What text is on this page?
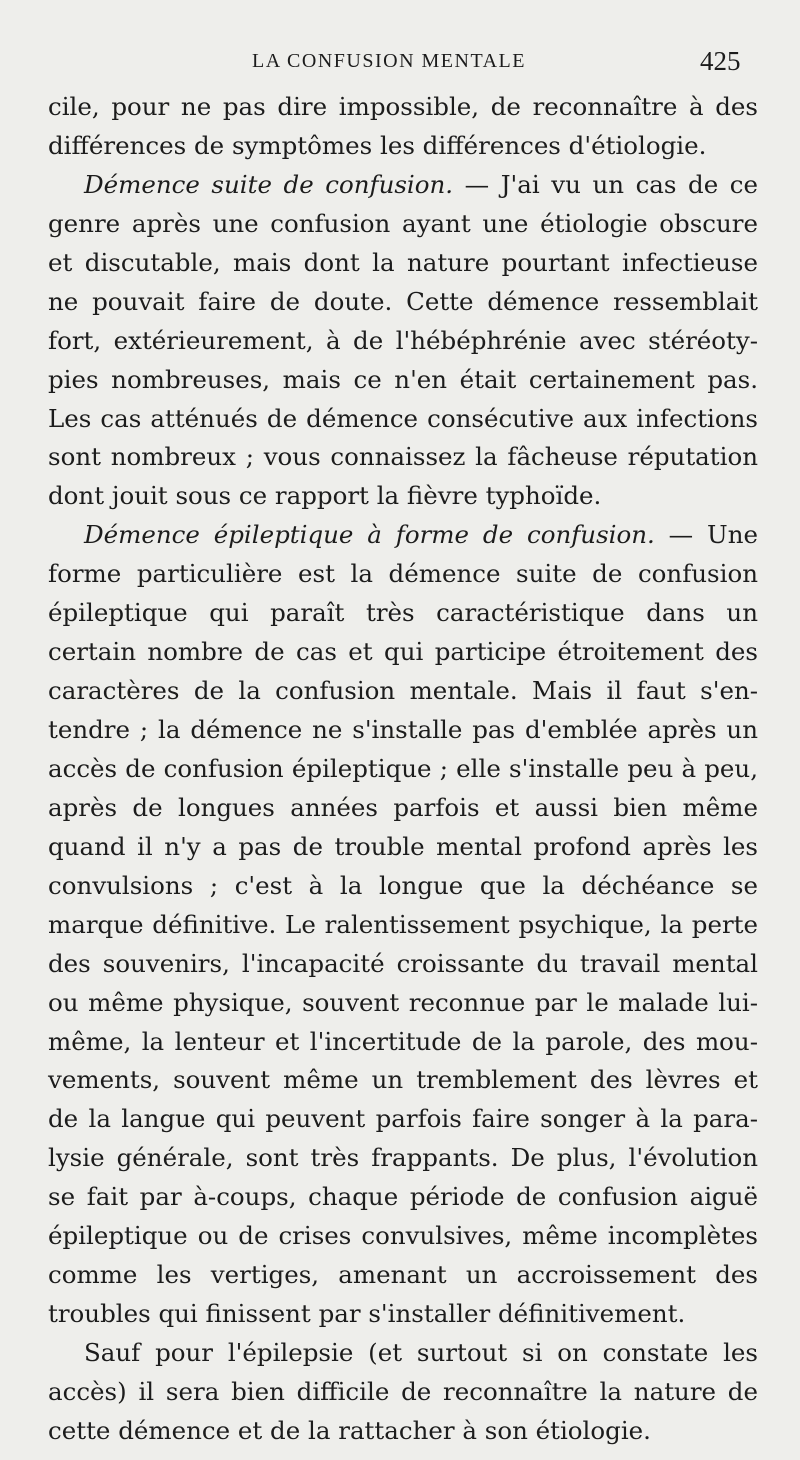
LA CONFUSION MENTALE	425
cile, pour ne pas dire impossible, de reconnaître à des
différences de symptômes les différences d'étiologie.
Démence suite de confusion. — J'ai vu un cas de ce
genre après une confusion ayant une étiologie obscure
et discutable, mais dont la nature pourtant infectieuse
ne pouvait faire de doute. Cette démence ressemblait
fort, extérieurement, à de l'hébéphrénie avec stéréoty-
pies nombreuses, mais ce n'en était certainement pas.
Les cas atténués de démence consécutive aux infections
sont nombreux ; vous connaissez la fâcheuse réputation
dont jouit sous ce rapport la fièvre typhoïde.
Démence épileptique à forme de confusion. — Une
forme particulière est la démence suite de confusion
épileptique qui paraît très caractéristique dans un
certain nombre de cas et qui participe étroitement des
caractères de la confusion mentale. Mais il faut s'en-
tendre ; la démence ne s'installe pas d'emblée après un
accès de confusion épileptique ; elle s'installe peu à peu,
après de longues années parfois et aussi bien même
quand il n'y a pas de trouble mental profond après les
convulsions ; c'est à la longue que la déchéance se
marque définitive. Le ralentissement psychique, la perte
des souvenirs, l'incapacité croissante du travail mental
ou même physique, souvent reconnue par le malade lui-
même, la lenteur et l'incertitude de la parole, des mou-
vements, souvent même un tremblement des lèvres et
de la langue qui peuvent parfois faire songer à la para-
lysie générale, sont très frappants. De plus, l'évolution
se fait par à-coups, chaque période de confusion aiguë
épileptique ou de crises convulsives, même incomplètes
comme les vertiges, amenant un accroissement des
troubles qui finissent par s'installer définitivement.
Sauf pour l'épilepsie (et surtout si on constate les
accès) il sera bien difficile de reconnaître la nature de
cette démence et de la rattacher à son étiologie.
